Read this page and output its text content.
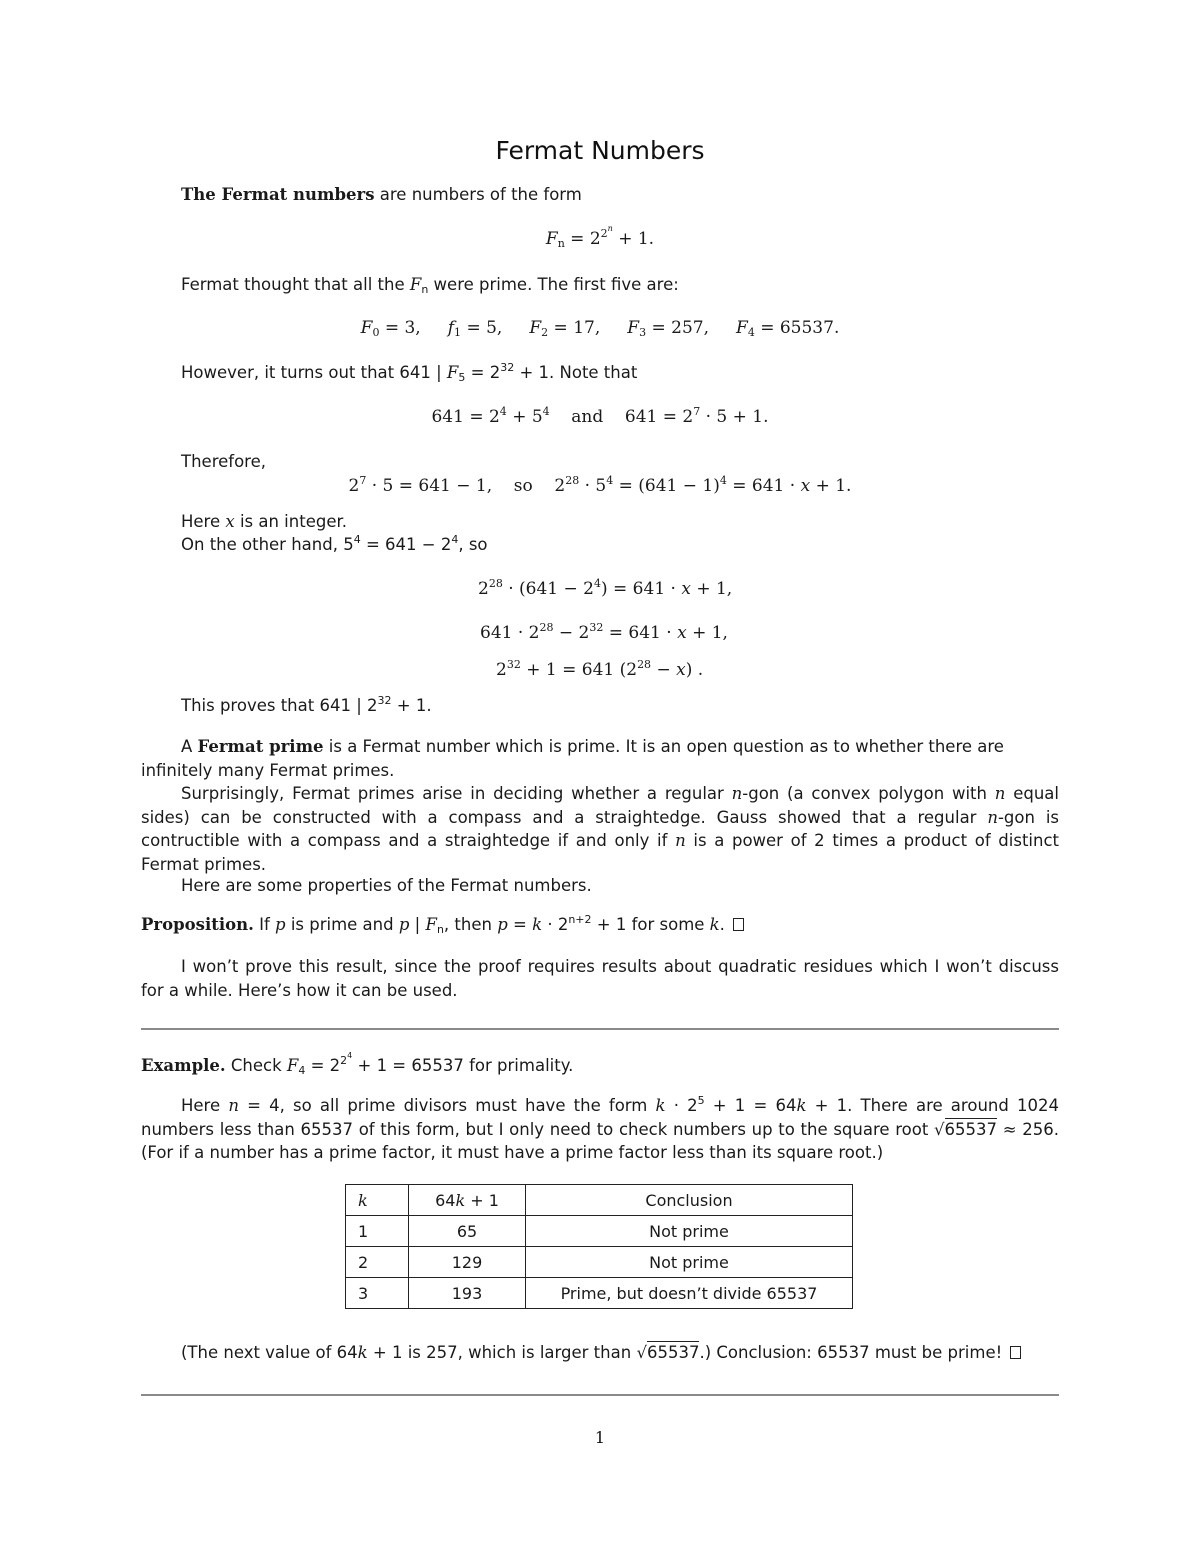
Fermat Numbers
The Fermat numbers are numbers of the form
$F_n = 2^{2^n} + 1$.
Fermat thought that all the $F_n$ were prime. The first five are:
$F_0 = 3$, $f_1 = 5$, $F_2 = 17$, $F_3 = 257$, $F_4 = 65537$.
However, it turns out that 641 | $F_5 = 2^{32} + 1$. Note that
$641 = 2^4 + 5^4$ and $641 = 2^7 \cdot 5 + 1$.
Therefore,
$2^7 \cdot 5 = 641 - 1$, so $2^{28} \cdot 5^4 = (641 - 1)^4 = 641 \cdot x + 1$.
Here x is an integer.
On the other hand, $5^4 = 641 - 2^4$, so
$2^{28} \cdot (641 - 2^4) = 641 \cdot x + 1$,
$641 \cdot 2^{28} - 2^{32} = 641 \cdot x + 1$,
$2^{32} + 1 = 641$ $(2^{28} - x)$ .
This proves that 641 | $2^{32} + 1$.
A Fermat prime is a Fermat number which is prime. It is an open question as to whether there are infinitely many Fermat primes.
Surprisingly, Fermat primes arise in deciding whether a regular n-gon (a convex polygon with n equal sides) can be constructed with a compass and a straightedge. Gauss showed that a regular n-gon is contructible with a compass and a straightedge if and only if n is a power of 2 times a product of distinct Fermat primes.
Here are some properties of the Fermat numbers.
Proposition. If p is prime and p | $F_n$, then $p = k \cdot 2^{n+2} + 1$ for some k.
I won’t prove this result, since the proof requires results about quadratic residues which I won’t discuss for a while. Here’s how it can be used.
Example. Check $F_4 = 2^{2^4} + 1 = 65537$ for primality.
Here n = 4, so all prime divisors must have the form $k \cdot 2^5 + 1 = 64k + 1$. There are around 1024 numbers less than 65537 of this form, but I only need to check numbers up to the square root √65537 ≈ 256. (For if a number has a prime factor, it must have a prime factor less than its square root.)
k	64k + 1	Conclusion
1	65	Not prime
2	129	Not prime
3	193	Prime, but doesn’t divide 65537
(The next value of 64k + 1 is 257, which is larger than √65537.) Conclusion: 65537 must be prime!
1
